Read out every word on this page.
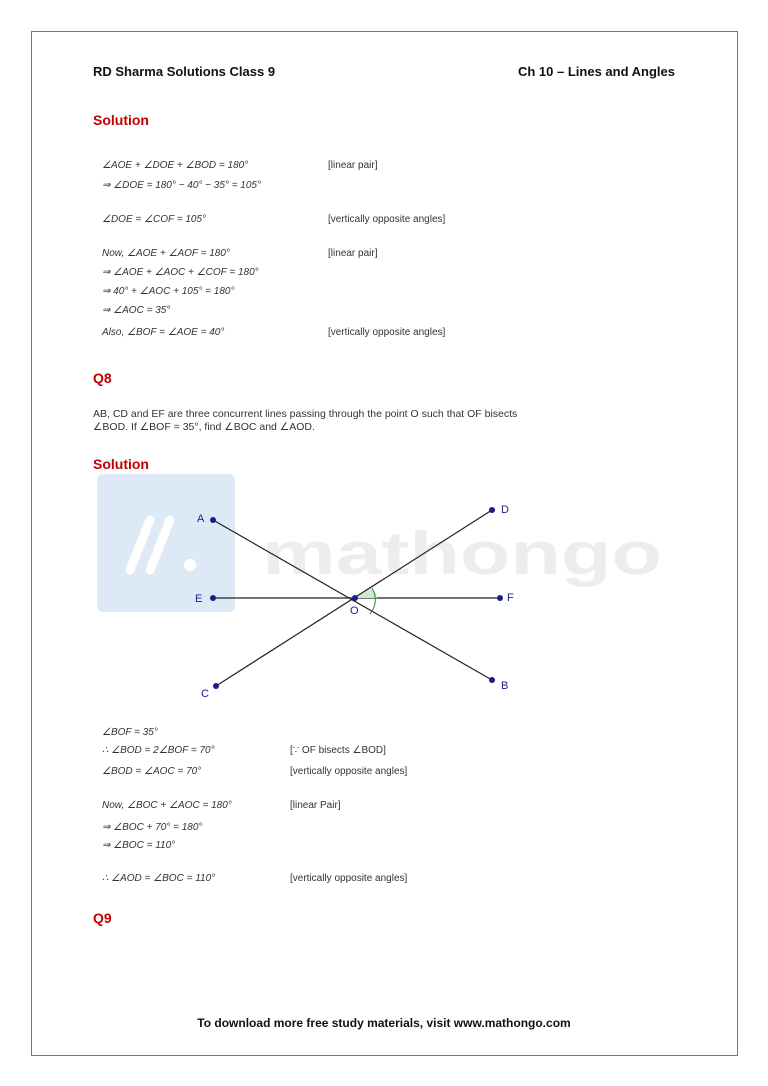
RD Sharma Solutions Class 9	Ch 10 – Lines and Angles
Solution
∠AOE + ∠DOE + ∠BOD = 180°	[linear pair]
⇒ ∠DOE = 180° − 40° − 35° = 105°
∠DOE = ∠COF = 105°	[vertically opposite angles]
Now, ∠AOE + ∠AOF = 180°	[linear pair]
⇒ ∠AOE + ∠AOC + ∠COF = 180°
⇒ 40° + ∠AOC + 105° = 180°
⇒ ∠AOC = 35°
Also, ∠BOF = ∠AOE = 40°	[vertically opposite angles]
Q8
AB, CD and EF are three concurrent lines passing through the point O such that OF bisects
∠BOD. If ∠BOF = 35°, find ∠BOC and ∠AOD.
Solution
mathongo
A
D
E	F
C
B
O
∠BOF = 35°
∴ ∠BOD = 2∠BOF = 70°	[∵ OF bisects ∠BOD]
∠BOD = ∠AOC = 70°	[vertically opposite angles]
Now, ∠BOC + ∠AOC = 180°	[linear Pair]
⇒ ∠BOC + 70° = 180°
⇒ ∠BOC = 110°
∴ ∠AOD = ∠BOC = 110°	[vertically opposite angles]
Q9
To download more free study materials, visit www.mathongo.com
